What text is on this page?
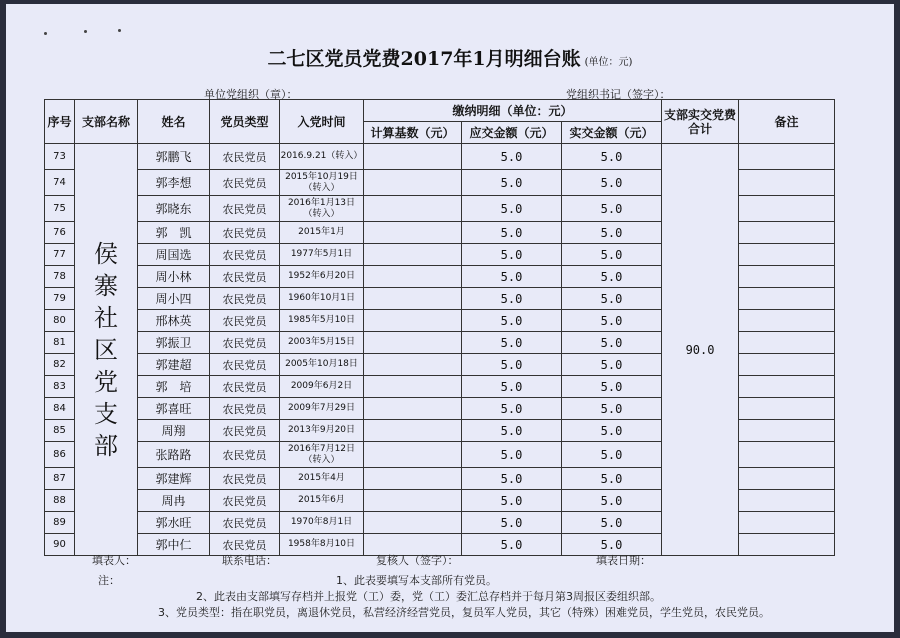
二七区党员党费2017年1月明细台账 (单位：元)
单位党组织（章）：	党组织书记（签字）：
序号	支部名称	姓名	党员类型	入党时间	缴纳明细（单位：元）			支部实交党费合计	备注
					计算基数（元）	应交金额（元）	实交金额（元）		
73	侯寨社区党支部	郭鹏飞	农民党员	2016.9.21（转入）		5.0	5.0	90.0	
74		郭李想	农民党员	2015年10月19日（转入）		5.0	5.0		
75		郭晓东	农民党员	2016年1月13日（转入）		5.0	5.0		
76		郭　凯	农民党员	2015年1月		5.0	5.0		
77		周国选	农民党员	1977年5月1日		5.0	5.0		
78		周小林	农民党员	1952年6月20日		5.0	5.0		
79		周小四	农民党员	1960年10月1日		5.0	5.0		
80		邢林英	农民党员	1985年5月10日		5.0	5.0		
81		郭振卫	农民党员	2003年5月15日		5.0	5.0		
82		郭建超	农民党员	2005年10月18日		5.0	5.0		
83		郭　培	农民党员	2009年6月2日		5.0	5.0		
84		郭喜旺	农民党员	2009年7月29日		5.0	5.0		
85		周翔	农民党员	2013年9月20日		5.0	5.0		
86		张路路	农民党员	2016年7月12日（转入）		5.0	5.0		
87		郭建辉	农民党员	2015年4月		5.0	5.0		
88		周冉	农民党员	2015年6月		5.0	5.0		
89		郭水旺	农民党员	1970年8月1日		5.0	5.0		
90		郭中仁	农民党员	1958年8月10日		5.0	5.0		
填表人：	联系电话：	复核人（签字）：	填表日期：
注：	1、此表要填写本支部所有党员。
2、此表由支部填写存档并上报党（工）委，党（工）委汇总存档并于每月第3周报区委组织部。
3、党员类型：指在职党员，离退休党员，私营经济经营党员，复员军人党员，其它（特殊）困难党员，学生党员，农民党员。
